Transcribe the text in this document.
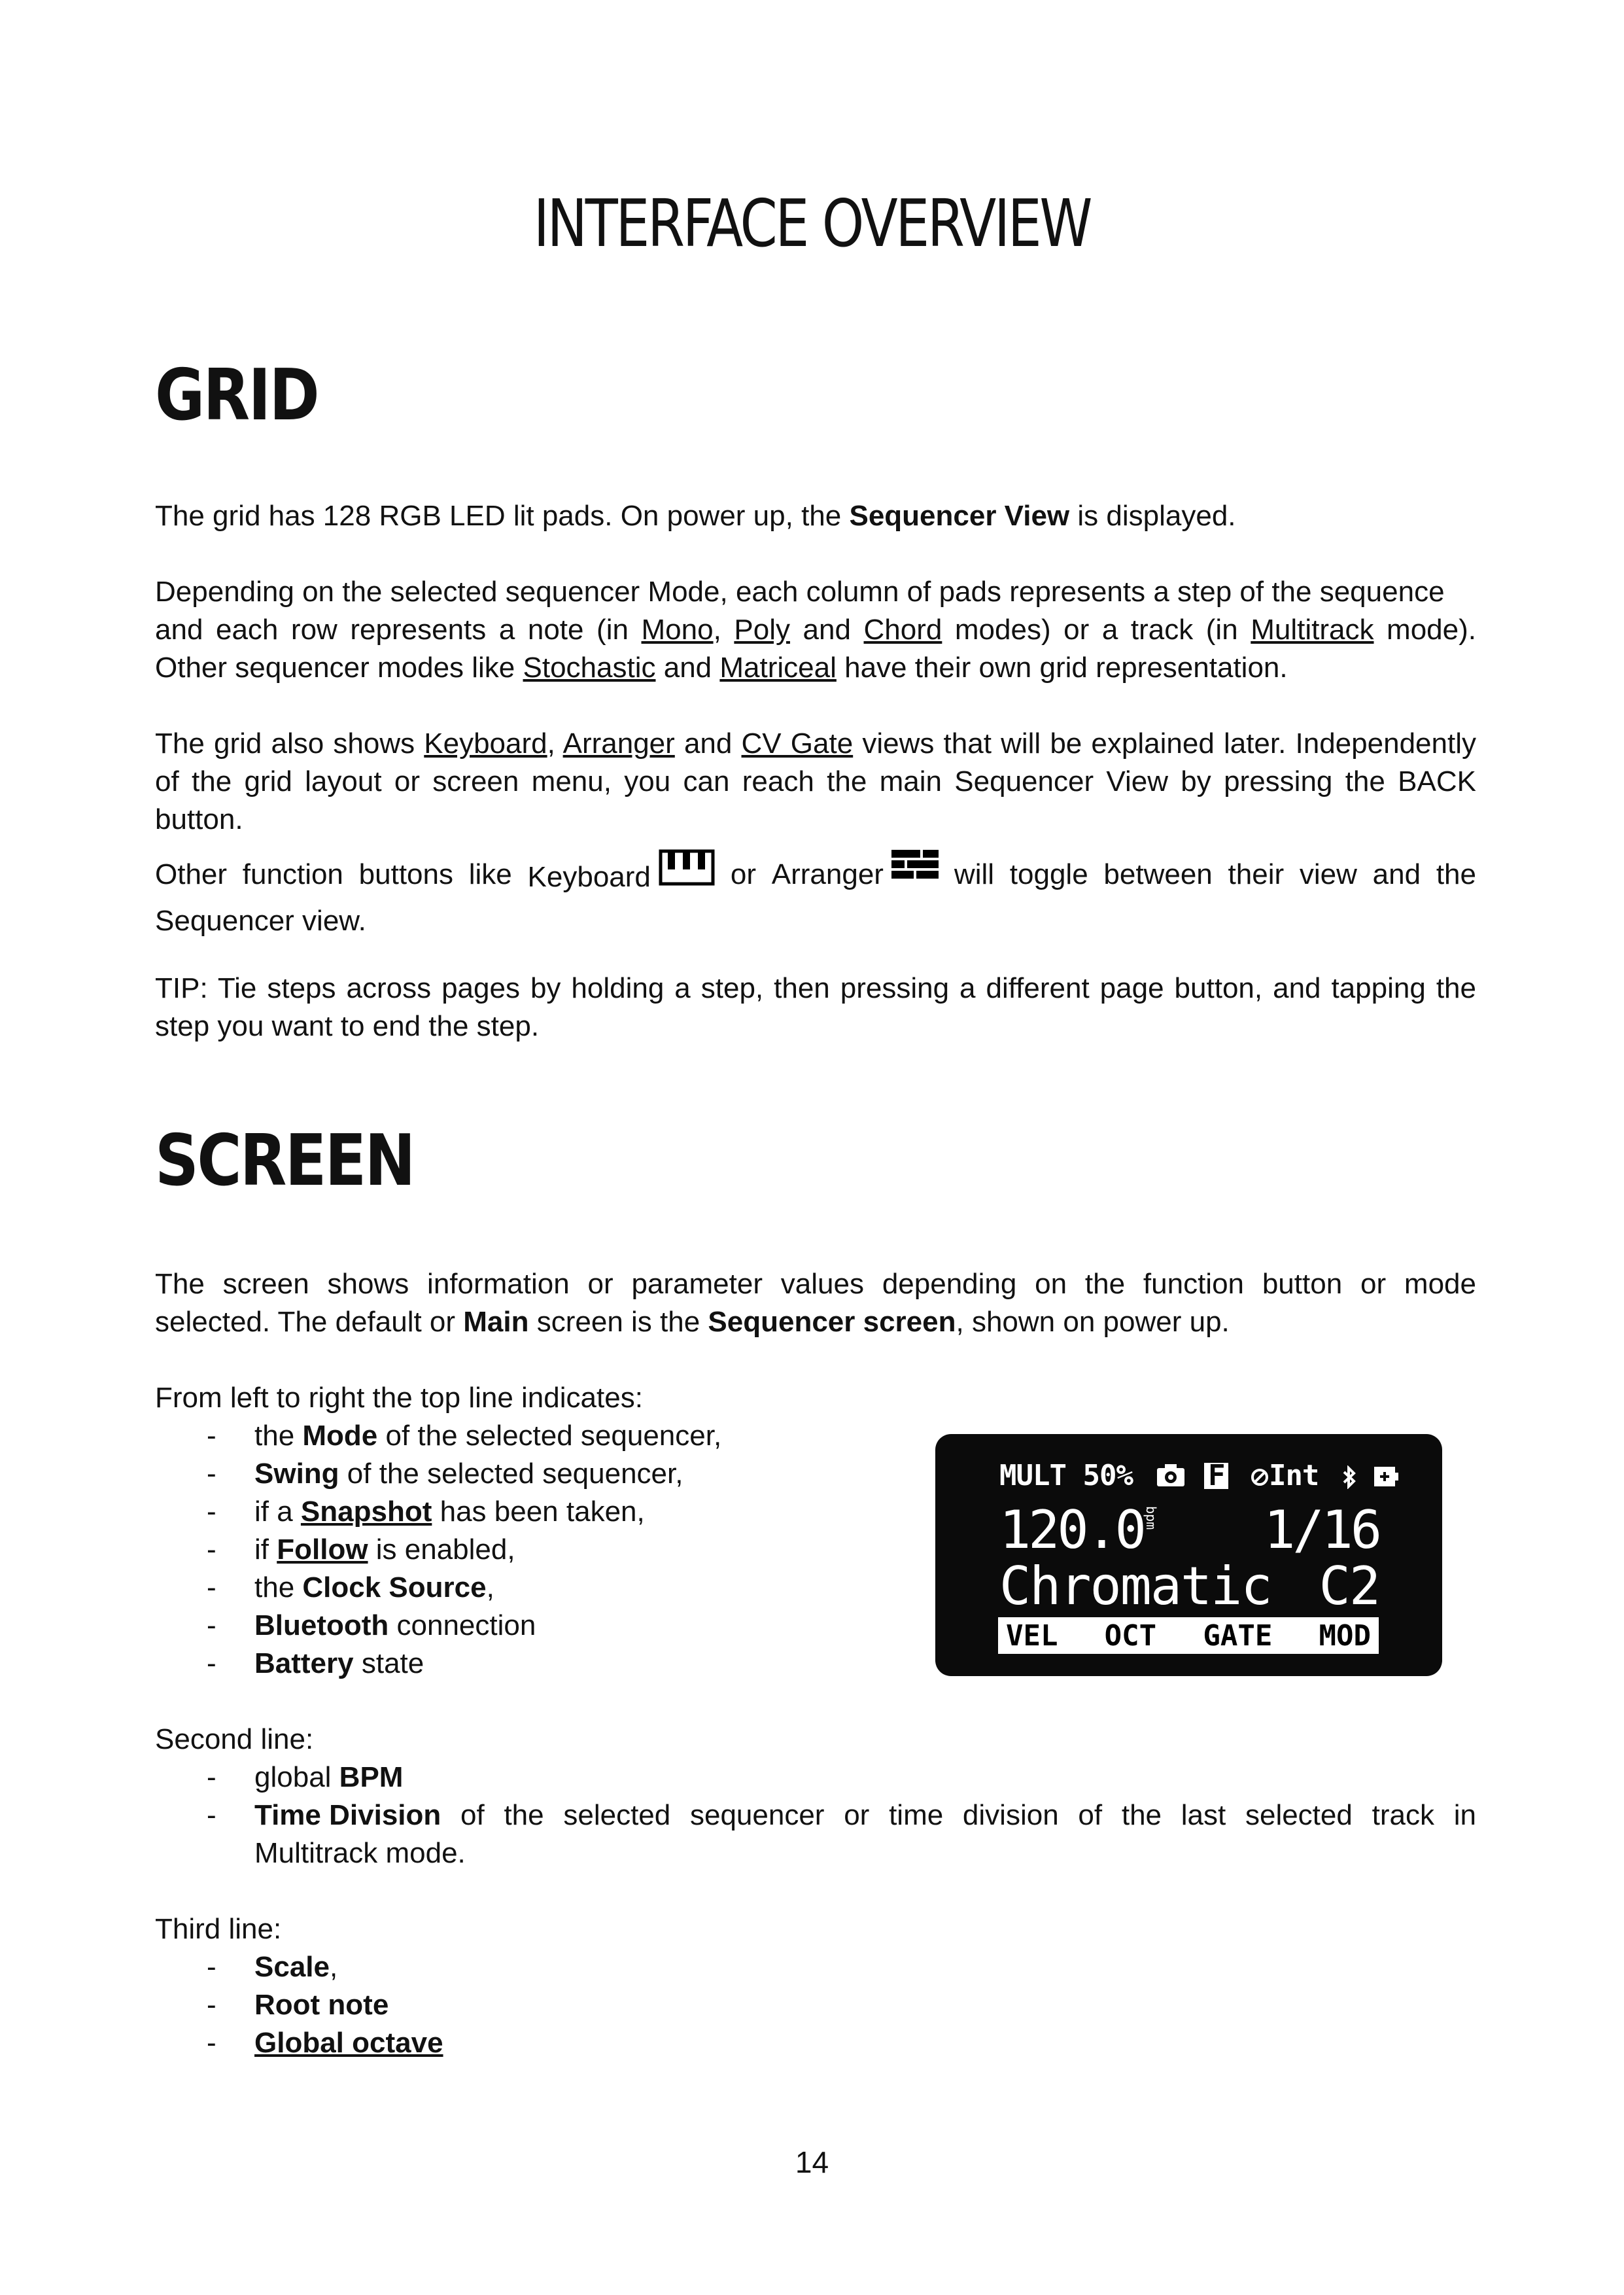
INTERFACE OVERVIEW
GRID

The grid has 128 RGB LED lit pads. On power up, the Sequencer View is displayed.

Depending on the selected sequencer Mode, each column of pads represents a step of the sequence
and each row represents a note (in Mono, Poly and Chord modes) or a track (in Multitrack mode).
Other sequencer modes like Stochastic and Matriceal have their own grid representation.

The grid also shows Keyboard, Arranger and CV Gate views that will be explained later. Independently
of the grid layout or screen menu, you can reach the main Sequencer View by pressing the BACK
button.

Other function buttons like Keyboard	or Arranger	will toggle between their view and the
Sequencer view.

TIP: Tie steps across pages by holding a step, then pressing a different page button, and tapping the
step you want to end the step.

SCREEN

The screen shows information or parameter values depending on the function button or mode
selected. The default or Main screen is the Sequencer screen, shown on power up.

From left to right the top line indicates:

- the Mode of the selected sequencer,
- Swing of the selected sequencer,
- if a Snapshot has been taken,
- if Follow is enabled,
- the Clock Source,
- Bluetooth connection
- Battery state
MULT 50%	F Int
120.0 bpm 1/16
Chromatic C2
VEL OCT GATE MOD

Second line:

- global BPM
- Time Division of the selected sequencer or time division of the last selected track in
Multitrack mode.

Third line:

- Scale,
- Root note
- Global octave
14
